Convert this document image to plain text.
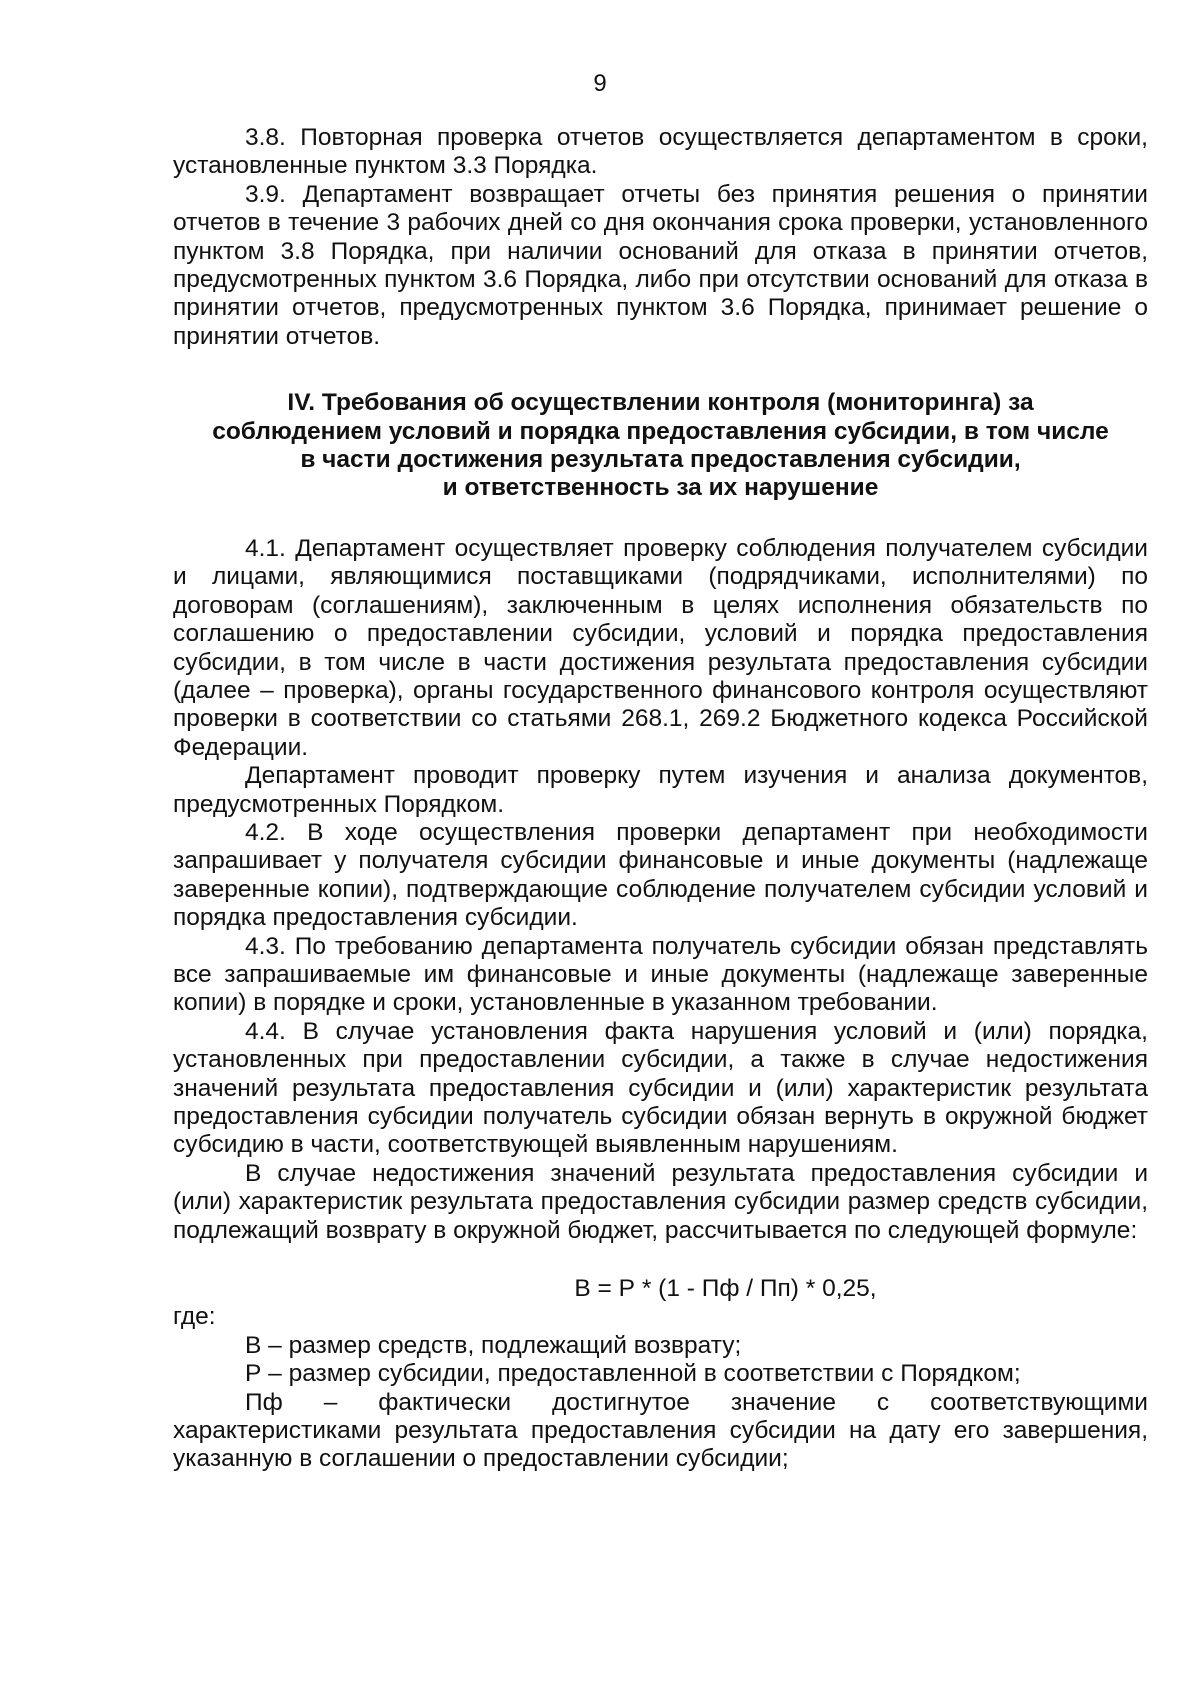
9

3.8. Повторная проверка отчетов осуществляется департаментом в сроки, установленные пунктом 3.3 Порядка.

3.9. Департамент возвращает отчеты без принятия решения о принятии отчетов в течение 3 рабочих дней со дня окончания срока проверки, установленного пунктом 3.8 Порядка, при наличии оснований для отказа в принятии отчетов, предусмотренных пунктом 3.6 Порядка, либо при отсутствии оснований для отказа в принятии отчетов, предусмотренных пунктом 3.6 Порядка, принимает решение о принятии отчетов.

IV. Требования об осуществлении контроля (мониторинга) за
соблюдением условий и порядка предоставления субсидии, в том числе
в части достижения результата предоставления субсидии,
и ответственность за их нарушение

4.1. Департамент осуществляет проверку соблюдения получателем субсидии и лицами, являющимися поставщиками (подрядчиками, исполнителями) по договорам (соглашениям), заключенным в целях исполнения обязательств по соглашению о предоставлении субсидии, условий и порядка предоставления субсидии, в том числе в части достижения результата предоставления субсидии (далее – проверка), органы государственного финансового контроля осуществляют проверки в соответствии со статьями 268.1, 269.2 Бюджетного кодекса Российской Федерации.

Департамент проводит проверку путем изучения и анализа документов, предусмотренных Порядком.

4.2. В ходе осуществления проверки департамент при необходимости запрашивает у получателя субсидии финансовые и иные документы (надлежаще заверенные копии), подтверждающие соблюдение получателем субсидии условий и порядка предоставления субсидии.

4.3. По требованию департамента получатель субсидии обязан представлять все запрашиваемые им финансовые и иные документы (надлежаще заверенные копии) в порядке и сроки, установленные в указанном требовании.

4.4. В случае установления факта нарушения условий и (или) порядка, установленных при предоставлении субсидии, а также в случае недостижения значений результата предоставления субсидии и (или) характеристик результата предоставления субсидии получатель субсидии обязан вернуть в окружной бюджет субсидию в части, соответствующей выявленным нарушениям.

В случае недостижения значений результата предоставления субсидии и (или) характеристик результата предоставления субсидии размер средств субсидии, подлежащий возврату в окружной бюджет, рассчитывается по следующей формуле:

В = Р * (1 - Пф / Пп) * 0,25,

где:

В – размер средств, подлежащий возврату;

Р – размер субсидии, предоставленной в соответствии с Порядком;

Пф – фактически достигнутое значение с соответствующими характеристиками результата предоставления субсидии на дату его завершения, указанную в соглашении о предоставлении субсидии;
